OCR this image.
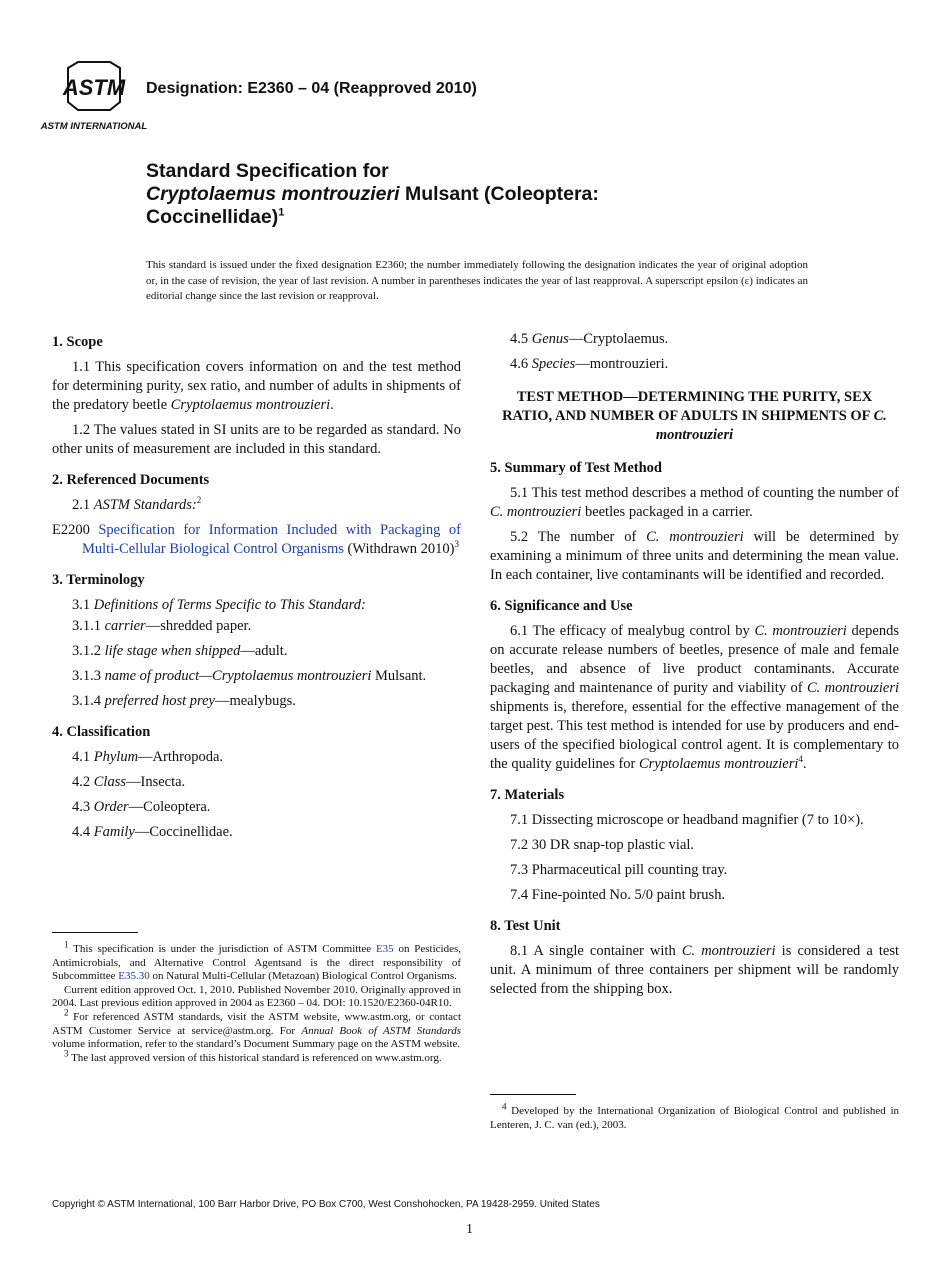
ASTM
ASTM INTERNATIONAL
Designation: E2360 – 04 (Reapproved 2010)
Standard Specification for
Cryptolaemus montrouzieri Mulsant (Coleoptera:
Coccinellidae)$^1$
This standard is issued under the fixed designation E2360; the number immediately following the designation indicates the year of original adoption or, in the case of revision, the year of last revision. A number in parentheses indicates the year of last reapproval. A superscript epsilon (ε) indicates an editorial change since the last revision or reapproval.
1. Scope

1.1 This specification covers information on and the test method for determining purity, sex ratio, and number of adults in shipments of the predatory beetle Cryptolaemus montrouzieri.

1.2 The values stated in SI units are to be regarded as standard. No other units of measurement are included in this standard.

2. Referenced Documents

2.1 ASTM Standards:$^2$

E2200 Specification for Information Included with Packaging of Multi-Cellular Biological Control Organisms (Withdrawn 2010)$^3$

3. Terminology

3.1 Definitions of Terms Specific to This Standard:

3.1.1 carrier—shredded paper.

3.1.2 life stage when shipped—adult.

3.1.3 name of product—Cryptolaemus montrouzieri Mulsant.

3.1.4 preferred host prey—mealybugs.

4. Classification

4.1 Phylum—Arthropoda.

4.2 Class—Insecta.

4.3 Order—Coleoptera.

4.4 Family—Coccinellidae.

$^1$ This specification is under the jurisdiction of ASTM Committee E35 on Pesticides, Antimicrobials, and Alternative Control Agentsand is the direct responsibility of Subcommittee E35.30 on Natural Multi-Cellular (Metazoan) Biological Control Organisms.

Current edition approved Oct. 1, 2010. Published November 2010. Originally approved in 2004. Last previous edition approved in 2004 as E2360 – 04. DOI: 10.1520/E2360-04R10.

$^2$ For referenced ASTM standards, visit the ASTM website, www.astm.org, or contact ASTM Customer Service at service@astm.org. For Annual Book of ASTM Standards volume information, refer to the standard’s Document Summary page on the ASTM website.

$^3$ The last approved version of this historical standard is referenced on www.astm.org.

4.5 Genus—Cryptolaemus.

4.6 Species—montrouzieri.

TEST METHOD—DETERMINING THE PURITY, SEX RATIO, AND NUMBER OF ADULTS IN SHIPMENTS OF C. montrouzieri

5. Summary of Test Method

5.1 This test method describes a method of counting the number of C. montrouzieri beetles packaged in a carrier.

5.2 The number of C. montrouzieri will be determined by examining a minimum of three units and determining the mean value. In each container, live contaminants will be identified and recorded.

6. Significance and Use

6.1 The efficacy of mealybug control by C. montrouzieri depends on accurate release numbers of beetles, presence of male and female beetles, and absence of live product contaminants. Accurate packaging and maintenance of purity and viability of C. montrouzieri shipments is, therefore, essential for the effective management of the target pest. This test method is intended for use by producers and end-users of the specified biological control agent. It is complementary to the quality guidelines for Cryptolaemus montrouzieri$^4$.

7. Materials

7.1 Dissecting microscope or headband magnifier (7 to 10×).

7.2 30 DR snap-top plastic vial.

7.3 Pharmaceutical pill counting tray.

7.4 Fine-pointed No. 5/0 paint brush.

8. Test Unit

8.1 A single container with C. montrouzieri is considered a test unit. A minimum of three containers per shipment will be randomly selected from the shipping box.

$^4$ Developed by the International Organization of Biological Control and published in Lenteren, J. C. van (ed.), 2003.

Copyright © ASTM International, 100 Barr Harbor Drive, PO Box C700, West Conshohocken, PA 19428-2959. United States
1
